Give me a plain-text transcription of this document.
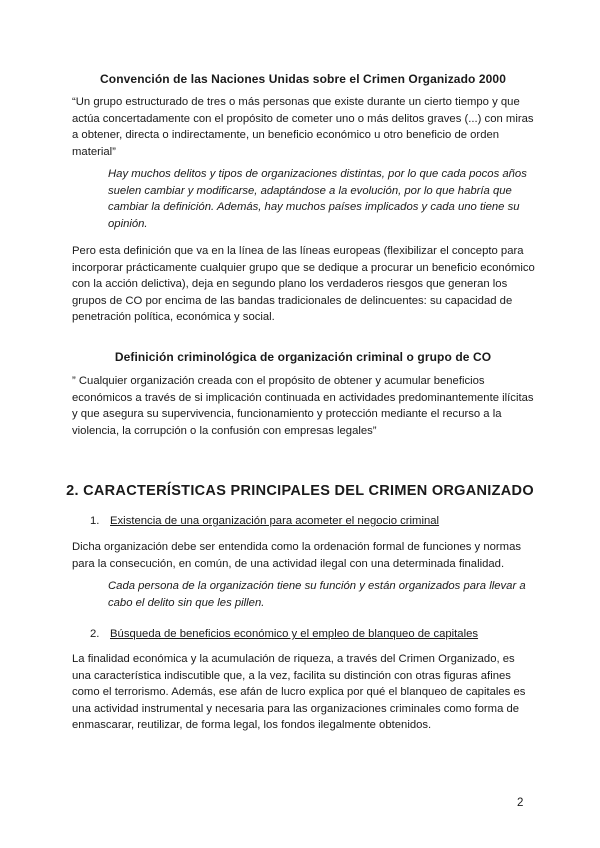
Convención de las Naciones Unidas sobre el Crimen Organizado 2000

“Un grupo estructurado de tres o más personas que existe durante un cierto tiempo y que actúa concertadamente con el propósito de cometer uno o más delitos graves (...) con miras a obtener, directa o indirectamente, un beneficio económico u otro beneficio de orden material”

Hay muchos delitos y tipos de organizaciones distintas, por lo que cada pocos años suelen cambiar y modificarse, adaptándose a la evolución, por lo que habría que cambiar la definición. Además, hay muchos países implicados y cada uno tiene su opinión.

Pero esta definición que va en la línea de las líneas europeas (flexibilizar el concepto para incorporar prácticamente cualquier grupo que se dedique a procurar un beneficio económico con la acción delictiva), deja en segundo plano los verdaderos riesgos que generan los grupos de CO por encima de las bandas tradicionales de delincuentes: su capacidad de penetración política, económica y social.

Definición criminológica de organización criminal o grupo de CO

” Cualquier organización creada con el propósito de obtener y acumular beneficios económicos a través de si implicación continuada en actividades predominantemente ilícitas y que asegura su supervivencia, funcionamiento y protección mediante el recurso a la violencia, la corrupción o la confusión con empresas legales”

2. CARACTERÍSTICAS PRINCIPALES DEL CRIMEN ORGANIZADO

1. Existencia de una organización para acometer el negocio criminal

Dicha organización debe ser entendida como la ordenación formal de funciones y normas para la consecución, en común, de una actividad ilegal con una determinada finalidad.

Cada persona de la organización tiene su función y están organizados para llevar a cabo el delito sin que les pillen.

2. Búsqueda de beneficios económico y el empleo de blanqueo de capitales

La finalidad económica y la acumulación de riqueza, a través del Crimen Organizado, es una característica indiscutible que, a la vez, facilita su distinción con otras figuras afines como el terrorismo. Además, ese afán de lucro explica por qué el blanqueo de capitales es una actividad instrumental y necesaria para las organizaciones criminales como forma de enmascarar, reutilizar, de forma legal, los fondos ilegalmente obtenidos.

2
